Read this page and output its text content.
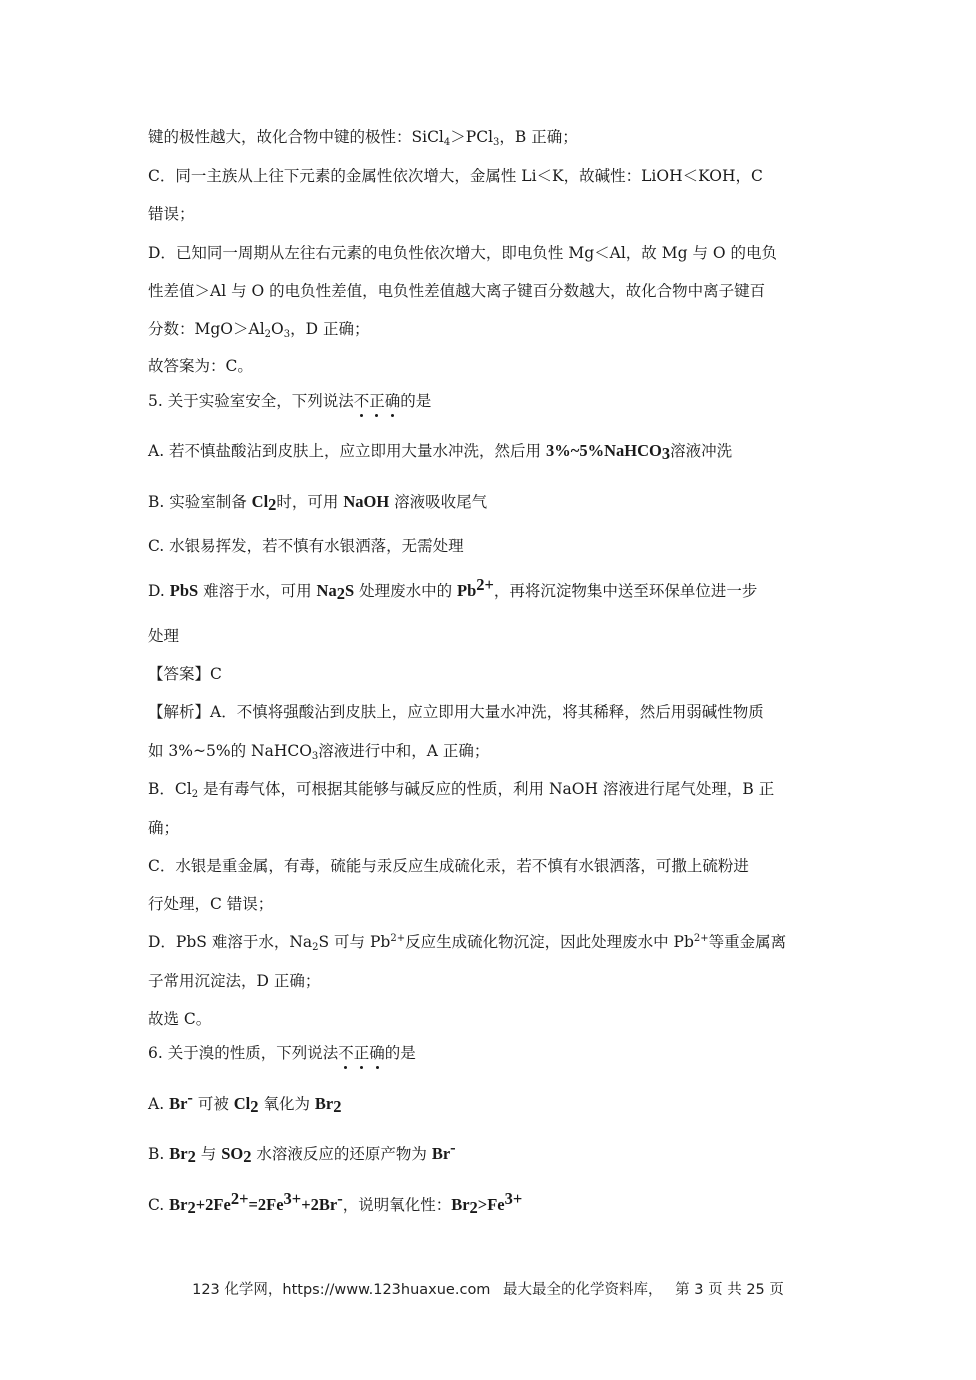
键的极性越大，故化合物中键的极性：SiCl$_4$＞PCl$_3$，B 正确；
C．同一主族从上往下元素的金属性依次增大，金属性 Li＜K，故碱性：LiOH＜KOH，C
错误；
D．已知同一周期从左往右元素的电负性依次增大，即电负性 Mg＜Al，故 Mg 与 O 的电负
性差值＞Al 与 O 的电负性差值，电负性差值越大离子键百分数越大，故化合物中离子键百
分数：$MgO>Al_2O_3$，D 正确；
故答案为：C。
5. 关于实验室安全，下列说法不正确的是
A. 若不慎盐酸沾到皮肤上，应立即用大量水冲洗，然后用 3%~5%NaHCO$_3$溶液冲洗
B. 实验室制备 $Cl_2$时，可用 NaOH 溶液吸收尾气
C. 水银易挥发，若不慎有水银洒落，无需处理
D. PbS 难溶于水，可用 $Na_2S$ 处理废水中的 $Pb^{2+}$，再将沉淀物集中送至环保单位进一步
处理
【答案】C
【解析】A．不慎将强酸沾到皮肤上，应立即用大量水冲洗，将其稀释，然后用弱碱性物质
如 3%~5%的 NaHCO$_3$溶液进行中和，A 正确；
B．$Cl_2$ 是有毒气体，可根据其能够与碱反应的性质，利用 NaOH 溶液进行尾气处理，B 正
确；
C．水银是重金属，有毒，硫能与汞反应生成硫化汞，若不慎有水银洒落，可撒上硫粉进
行处理，C 错误；
D．PbS 难溶于水，$Na_2S$ 可与 $Pb^{2+}$反应生成硫化物沉淀，因此处理废水中 $Pb^{2+}$等重金属离
子常用沉淀法，D 正确；
故选 C。
6. 关于溴的性质，下列说法不正确的是
A. Br- 可被 $Cl_2$ 氧化为 $Br_2$
B. $Br_2$ 与 $SO_2$ 水溶液反应的还原产物为 Br-
C. $Br_2+2Fe^{2+}=2Fe^{3+}+2Br^-$，说明氧化性：$Br_2>Fe^{3+}$
123 化学网，https://www.123huaxue.com 最大最全的化学资料库， 第 3 页 共 25 页
